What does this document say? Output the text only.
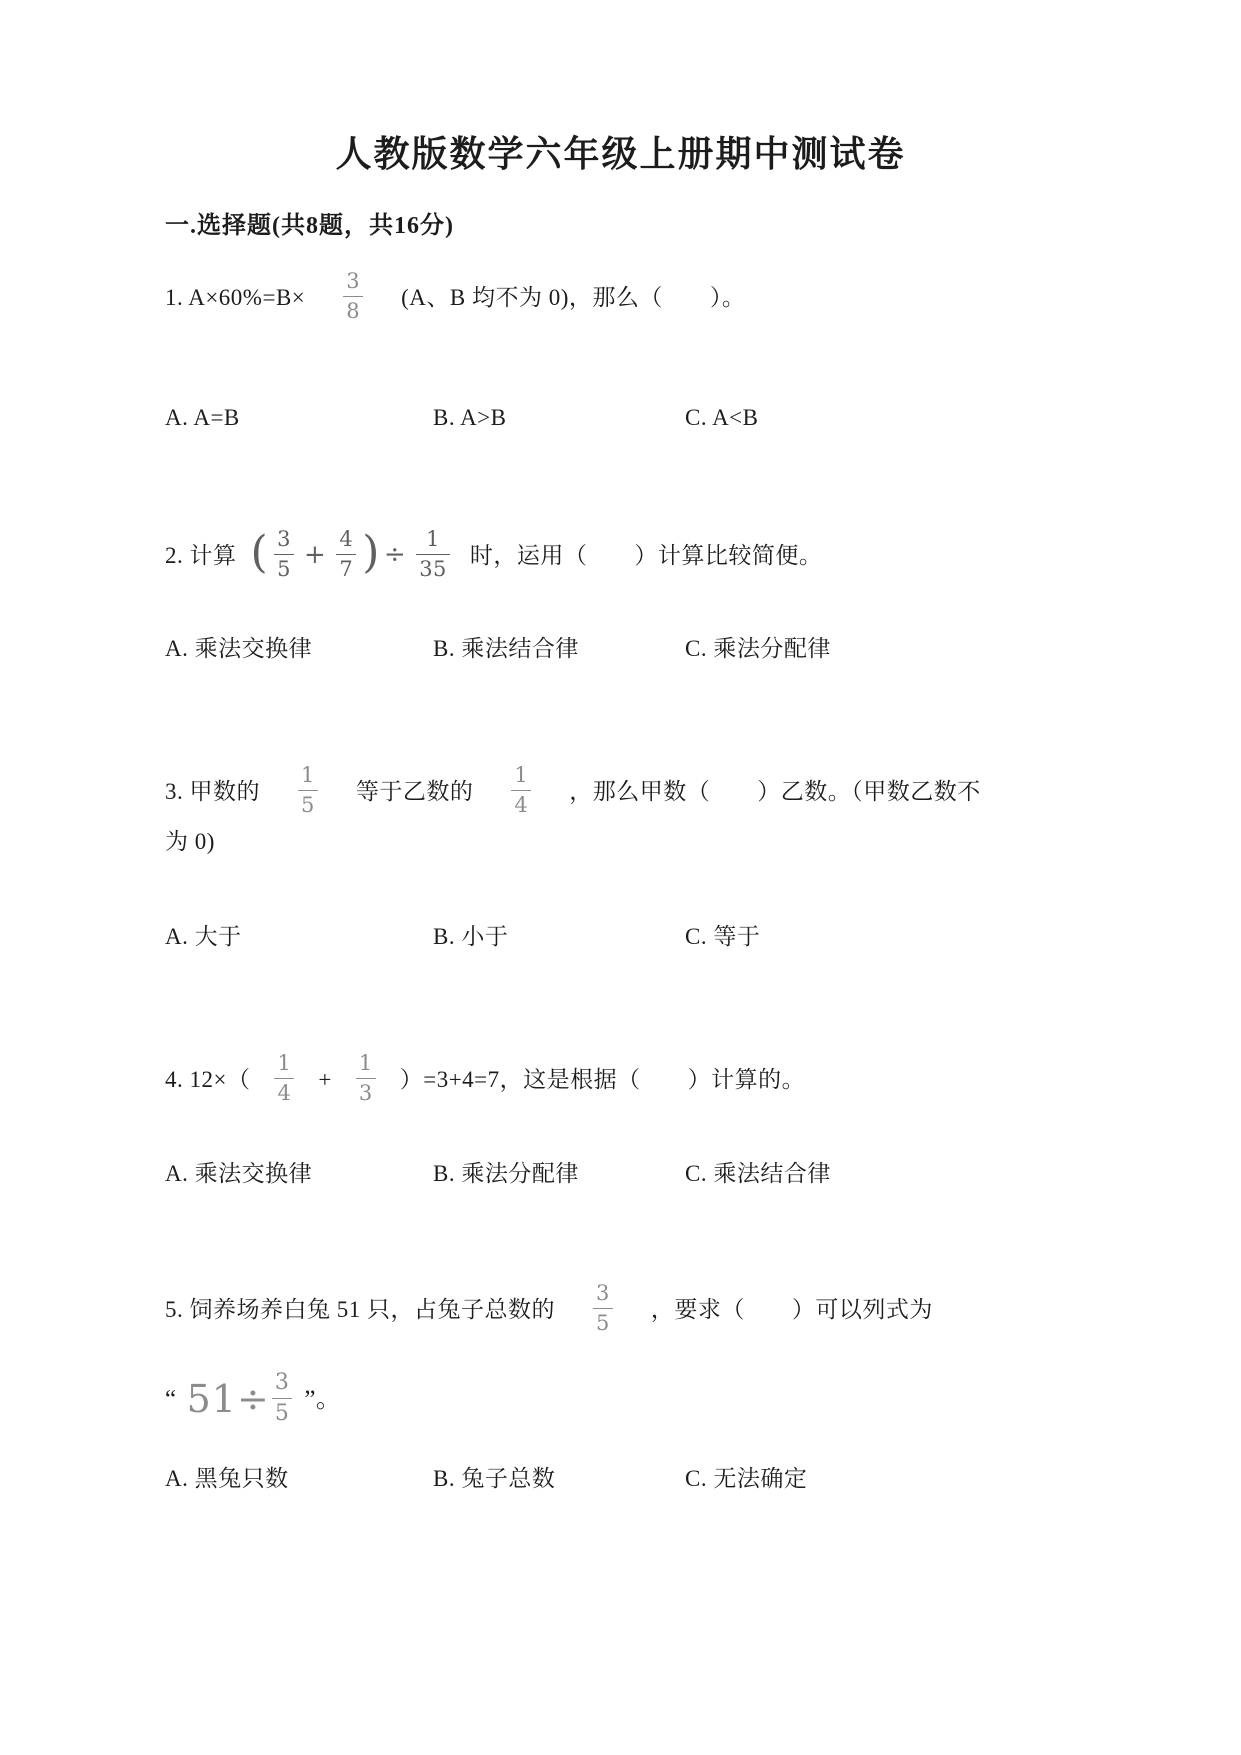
人教版数学六年级上册期中测试卷
一.选择题(共8题，共16分)
1. $A\times 60\%=B\times \frac{3}{8} (A$、B 均不为 0)，那么（　　）。
A. A=B	B. A>B	C. A<B
2. 计算 ( $\frac{3}{5} + \frac{4}{7}$ ) ÷ $\frac{1}{35}$ 时，运用（　　）计算比较简便。
A. 乘法交换律	B. 乘法结合律	C. 乘法分配律
3. 甲数的 $\frac{1}{5}$ 等于乙数的 $\frac{1}{4}$ ，那么甲数（　　）乙数。（甲数乙数不
为 0)
A. 大于	B. 小于	C. 等于
4. $12\times( \frac{1}{4} + \frac{1}{3} )=3+4=7$，这是根据（　　）计算的。
A. 乘法交换律	B. 乘法分配律	C. 乘法结合律
5. 饲养场养白兔 51 只，占兔子总数的 $\frac{3}{5}$ ，要求（　　）可以列式为
“ $51\div \frac{3}{5}$ ”。
A. 黑兔只数	B. 兔子总数	C. 无法确定
